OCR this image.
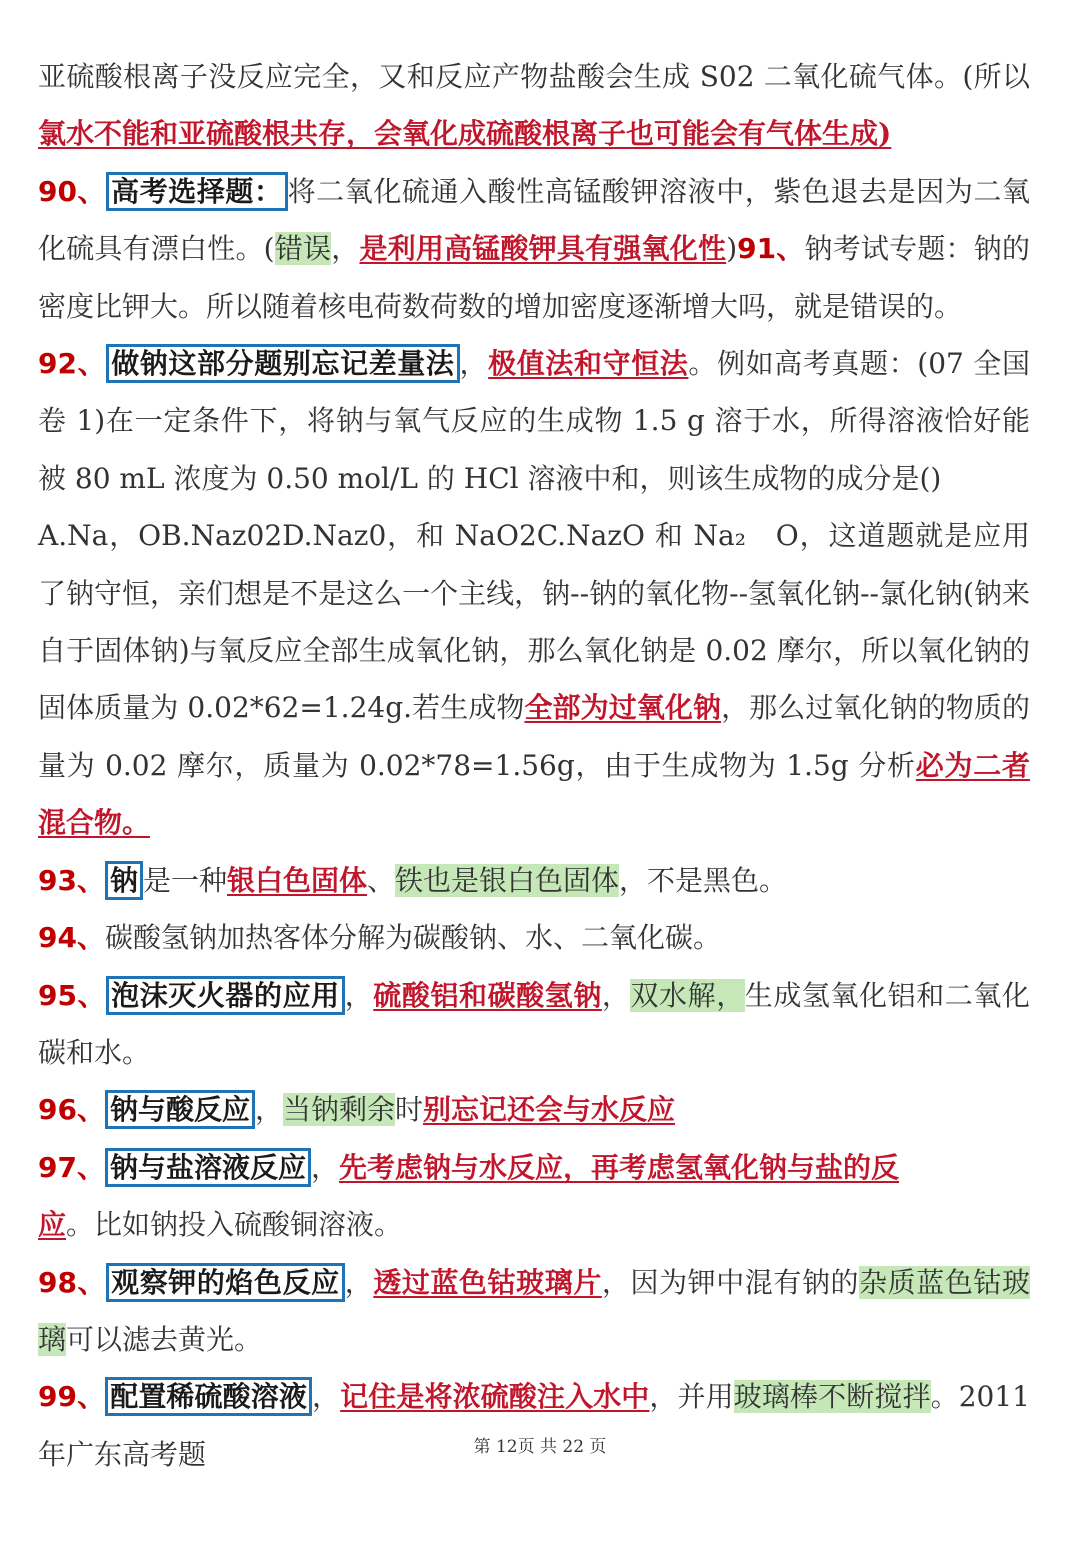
亚硫酸根离子没反应完全，又和反应产物盐酸会生成 S02 二氧化硫气体。(所以氯水不能和亚硫酸根共存，会氧化成硫酸根离子也可能会有气体生成)

90、 高考选择题： 将二氧化硫通入酸性高锰酸钾溶液中，紫色退去是因为二氧化硫具有漂白性。(错误，是利用高锰酸钾具有强氧化性)91、钠考试专题：钠的密度比钾大。所以随着核电荷数荷数的增加密度逐渐增大吗，就是错误的。

92、 做钠这部分题别忘记差量法 ，极值法和守恒法。例如高考真题：(07 全国卷 1)在一定条件下，将钠与氧气反应的生成物 1.5 g 溶于水，所得溶液恰好能被 80 mL 浓度为 0.50 mol/L 的 HCl 溶液中和，则该生成物的成分是()

A.Na，OB.Naz02D.Naz0，和 NaO2C.NazO 和 Na₂　O，这道题就是应用了钠守恒，亲们想是不是这么一个主线，钠--钠的氧化物--氢氧化钠--氯化钠(钠来自于固体钠)与氧反应全部生成氧化钠，那么氧化钠是 0.02 摩尔，所以氧化钠的固体质量为 0.02*62=1.24g.若生成物全部为过氧化钠，那么过氧化钠的物质的量为 0.02 摩尔，质量为 0.02*78=1.56g，由于生成物为 1.5g 分析必为二者混合物。

93、 钠 是一种银白色固体、铁也是银白色固体，不是黑色。

94、碳酸氢钠加热客体分解为碳酸钠、水、二氧化碳。

95、 泡沫灭火器的应用 ，硫酸铝和碳酸氢钠，双水解，生成氢氧化铝和二氧化碳和水。

96、 钠与酸反应 ，当钠剩余时别忘记还会与水反应

97、 钠与盐溶液反应 ，先考虑钠与水反应，再考虑氢氧化钠与盐的反
应。比如钠投入硫酸铜溶液。

98、 观察钾的焰色反应 ，透过蓝色钴玻璃片，因为钾中混有钠的杂质蓝色钴玻璃可以滤去黄光。

99、 配置稀硫酸溶液 ，记住是将浓硫酸注入水中，并用玻璃棒不断搅拌。2011 年广东高考题	第 12页 共 22 页
